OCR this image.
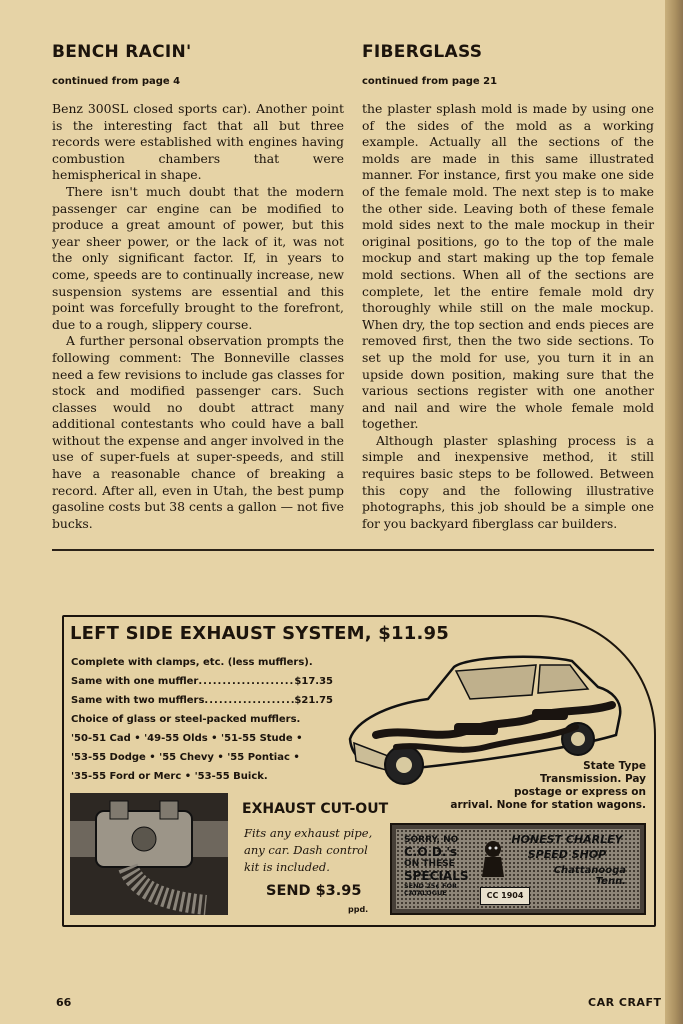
BENCH RACIN'
continued from page 4

Benz 300SL closed sports car). Another point is the interesting fact that all but three records were established with engines having combustion chambers that were hemispherical in shape.

There isn't much doubt that the modern passenger car engine can be modified to produce a great amount of power, but this year sheer power, or the lack of it, was not the only significant factor. If, in years to come, speeds are to continually increase, new suspension systems are essential and this point was forcefully brought to the forefront, due to a rough, slippery course.

A further personal observation prompts the following comment: The Bonneville classes need a few revisions to include gas classes for stock and modified passenger cars. Such classes would no doubt attract many additional contestants who could have a ball without the expense and anger involved in the use of super-fuels at super-speeds, and still have a reasonable chance of breaking a record. After all, even in Utah, the best pump gasoline costs but 38 cents a gallon — not five bucks.

FIBERGLASS
continued from page 21

the plaster splash mold is made by using one of the sides of the mold as a working example. Actually all the sections of the molds are made in this same illustrated manner. For instance, first you make one side of the female mold. The next step is to make the other side. Leaving both of these female mold sides next to the male mockup in their original positions, go to the top of the male mockup and start making up the top female mold sections. When all of the sections are complete, let the entire female mold dry thoroughly while still on the male mockup. When dry, the top section and ends pieces are removed first, then the two side sections. To set up the mold for use, you turn it in an upside down position, making sure that the various sections register with one another and nail and wire the whole female mold together.

Although plaster splashing process is a simple and inexpensive method, it still requires basic steps to be followed. Between this copy and the following illustrative photographs, this job should be a simple one for you backyard fiberglass car builders.

LEFT SIDE EXHAUST SYSTEM, $11.95
Complete with clamps, etc. (less mufflers).
Same with one muffler .....	$17.35
Same with two mufflers .....	$21.75
Choice of glass or steel-packed mufflers.
'50-51 Cad • '49-55 Olds • '51-55 Stude •
'53-55 Dodge • '55 Chevy • '55 Pontiac •
'35-55 Ford or Merc • '53-55 Buick.
State Type
Transmission. Pay
postage or express on
arrival. None for station wagons.
EXHAUST CUT-OUT
Fits any exhaust pipe, any car. Dash control kit is included.
SEND $3.95
ppd.
SORRY, NO
C.O.D.'s
ON THESE
SPECIALS
SEND 25¢ FOR
CATALOGUE
HONEST CHARLEY
SPEED SHOP
Chattanooga
Tenn.
CC 1904
66	CAR CRAFT
